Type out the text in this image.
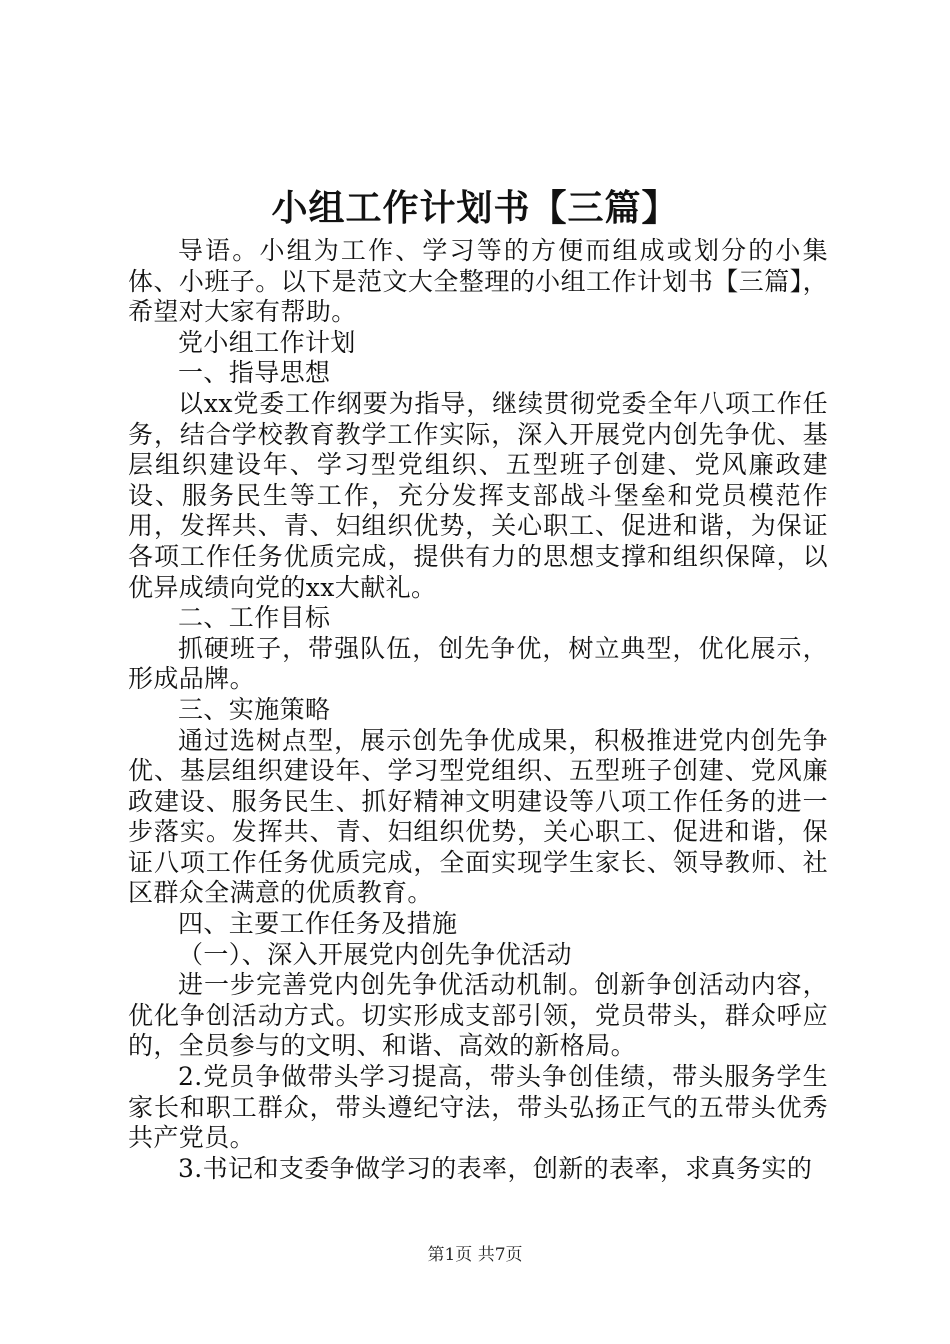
小组工作计划书【三篇】

导语。小组为工作、学习等的方便而组成或划分的小集体、小班子。以下是范文大全整理的小组工作计划书【三篇】，希望对大家有帮助。

党小组工作计划

一、指导思想

以xx党委工作纲要为指导，继续贯彻党委全年八项工作任务，结合学校教育教学工作实际，深入开展党内创先争优、基层组织建设年、学习型党组织、五型班子创建、党风廉政建设、服务民生等工作，充分发挥支部战斗堡垒和党员模范作用，发挥共、青、妇组织优势，关心职工、促进和谐，为保证各项工作任务优质完成，提供有力的思想支撑和组织保障，以优异成绩向党的xx大献礼。

二、工作目标

抓硬班子，带强队伍，创先争优，树立典型，优化展示，形成品牌。

三、实施策略

通过选树点型，展示创先争优成果，积极推进党内创先争优、基层组织建设年、学习型党组织、五型班子创建、党风廉政建设、服务民生、抓好精神文明建设等八项工作任务的进一步落实。发挥共、青、妇组织优势，关心职工、促进和谐，保证八项工作任务优质完成，全面实现学生家长、领导教师、社区群众全满意的优质教育。

四、主要工作任务及措施

（一）、深入开展党内创先争优活动

进一步完善党内创先争优活动机制。创新争创活动内容，优化争创活动方式。切实形成支部引领，党员带头，群众呼应的，全员参与的文明、和谐、高效的新格局。

2.党员争做带头学习提高，带头争创佳绩，带头服务学生家长和职工群众，带头遵纪守法，带头弘扬正气的五带头优秀共产党员。

3.书记和支委争做学习的表率，创新的表率，求真务实的

第1页 共7页
